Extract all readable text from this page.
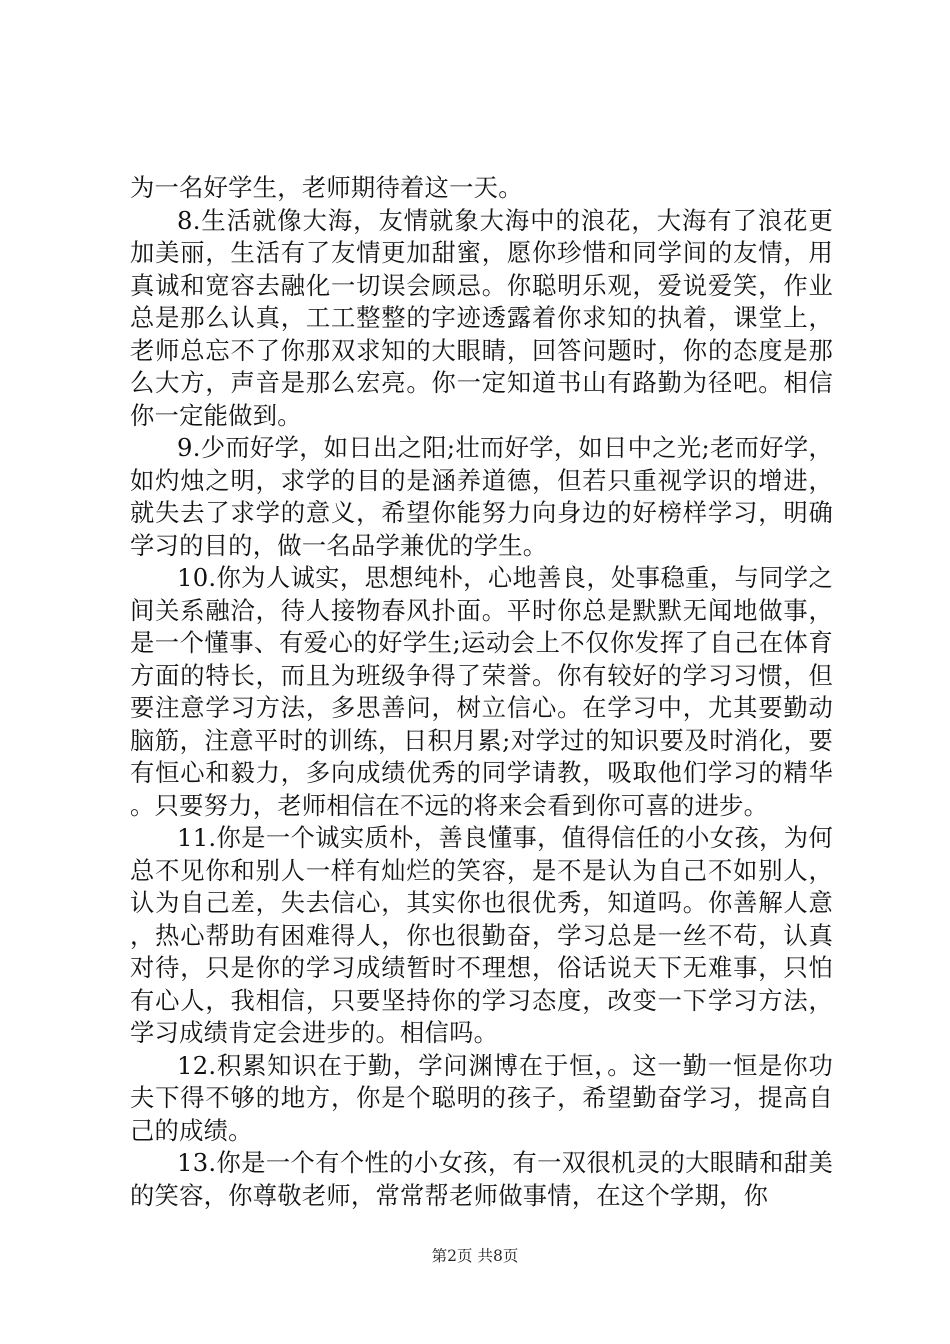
为一名好学生，老师期待着这一天。

8.生活就像大海，友情就象大海中的浪花，大海有了浪花更加美丽，生活有了友情更加甜蜜，愿你珍惜和同学间的友情，用真诚和宽容去融化一切误会顾忌。你聪明乐观，爱说爱笑，作业总是那么认真，工工整整的字迹透露着你求知的执着，课堂上，老师总忘不了你那双求知的大眼睛，回答问题时，你的态度是那么大方，声音是那么宏亮。你一定知道书山有路勤为径吧。相信你一定能做到。

9.少而好学，如日出之阳;壮而好学，如日中之光;老而好学，如灼烛之明，求学的目的是涵养道德，但若只重视学识的增进，就失去了求学的意义，希望你能努力向身边的好榜样学习，明确学习的目的，做一名品学兼优的学生。

10.你为人诚实，思想纯朴，心地善良，处事稳重，与同学之间关系融洽，待人接物春风扑面。平时你总是默默无闻地做事，是一个懂事、有爱心的好学生;运动会上不仅你发挥了自己在体育方面的特长，而且为班级争得了荣誉。你有较好的学习习惯，但要注意学习方法，多思善问，树立信心。在学习中，尤其要勤动脑筋，注意平时的训练，日积月累;对学过的知识要及时消化，要有恒心和毅力，多向成绩优秀的同学请教，吸取他们学习的精华。只要努力，老师相信在不远的将来会看到你可喜的进步。

11.你是一个诚实质朴，善良懂事，值得信任的小女孩，为何总不见你和别人一样有灿烂的笑容，是不是认为自己不如别人，认为自己差，失去信心，其实你也很优秀，知道吗。你善解人意，热心帮助有困难得人，你也很勤奋，学习总是一丝不苟，认真对待，只是你的学习成绩暂时不理想，俗话说天下无难事，只怕有心人，我相信，只要坚持你的学习态度，改变一下学习方法，学习成绩肯定会进步的。相信吗。

12.积累知识在于勤，学问渊博在于恒，。这一勤一恒是你功夫下得不够的地方，你是个聪明的孩子，希望勤奋学习，提高自己的成绩。

13.你是一个有个性的小女孩，有一双很机灵的大眼睛和甜美的笑容，你尊敬老师，常常帮老师做事情，在这个学期，你

第2页 共8页
